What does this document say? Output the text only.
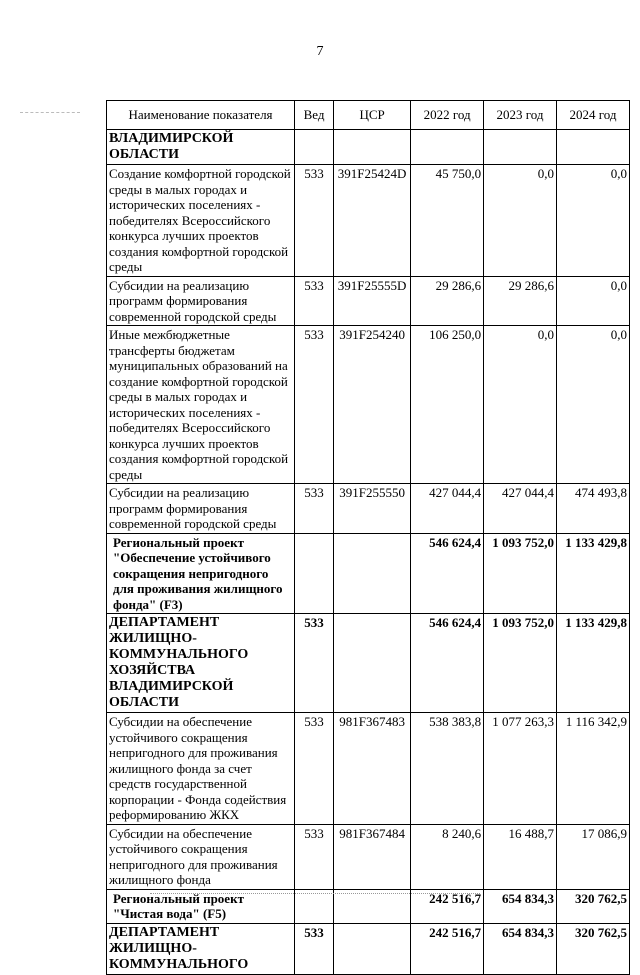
7
Наименование показателя	Вед	ЦСР	2022 год	2023 год	2024 год
ВЛАДИМИРСКОЙ ОБЛАСТИ					
Создание комфортной городской среды в малых городах и исторических поселениях - победителях Всероссийского конкурса лучших проектов создания комфортной городской среды	533	391F25424D	45 750,0	0,0	0,0
Субсидии на реализацию программ формирования современной городской среды	533	391F25555D	29 286,6	29 286,6	0,0
Иные межбюджетные трансферты бюджетам муниципальных образований на создание комфортной городской среды в малых городах и исторических поселениях - победителях Всероссийского конкурса лучших проектов создания комфортной городской среды	533	391F254240	106 250,0	0,0	0,0
Субсидии на реализацию программ формирования современной городской среды	533	391F255550	427 044,4	427 044,4	474 493,8
Региональный проект "Обеспечение устойчивого сокращения непригодного для проживания жилищного фонда" (F3)			546 624,4	1 093 752,0	1 133 429,8
ДЕПАРТАМЕНТ ЖИЛИЩНО-КОММУНАЛЬНОГО ХОЗЯЙСТВА ВЛАДИМИРСКОЙ ОБЛАСТИ	533		546 624,4	1 093 752,0	1 133 429,8
Субсидии на обеспечение устойчивого сокращения непригодного для проживания жилищного фонда за счет средств государственной корпорации - Фонда содействия реформированию ЖКХ	533	981F367483	538 383,8	1 077 263,3	1 116 342,9
Субсидии на обеспечение устойчивого сокращения непригодного для проживания жилищного фонда	533	981F367484	8 240,6	16 488,7	17 086,9
Региональный проект "Чистая вода" (F5)			242 516,7	654 834,3	320 762,5
ДЕПАРТАМЕНТ ЖИЛИЩНО-КОММУНАЛЬНОГО	533		242 516,7	654 834,3	320 762,5
